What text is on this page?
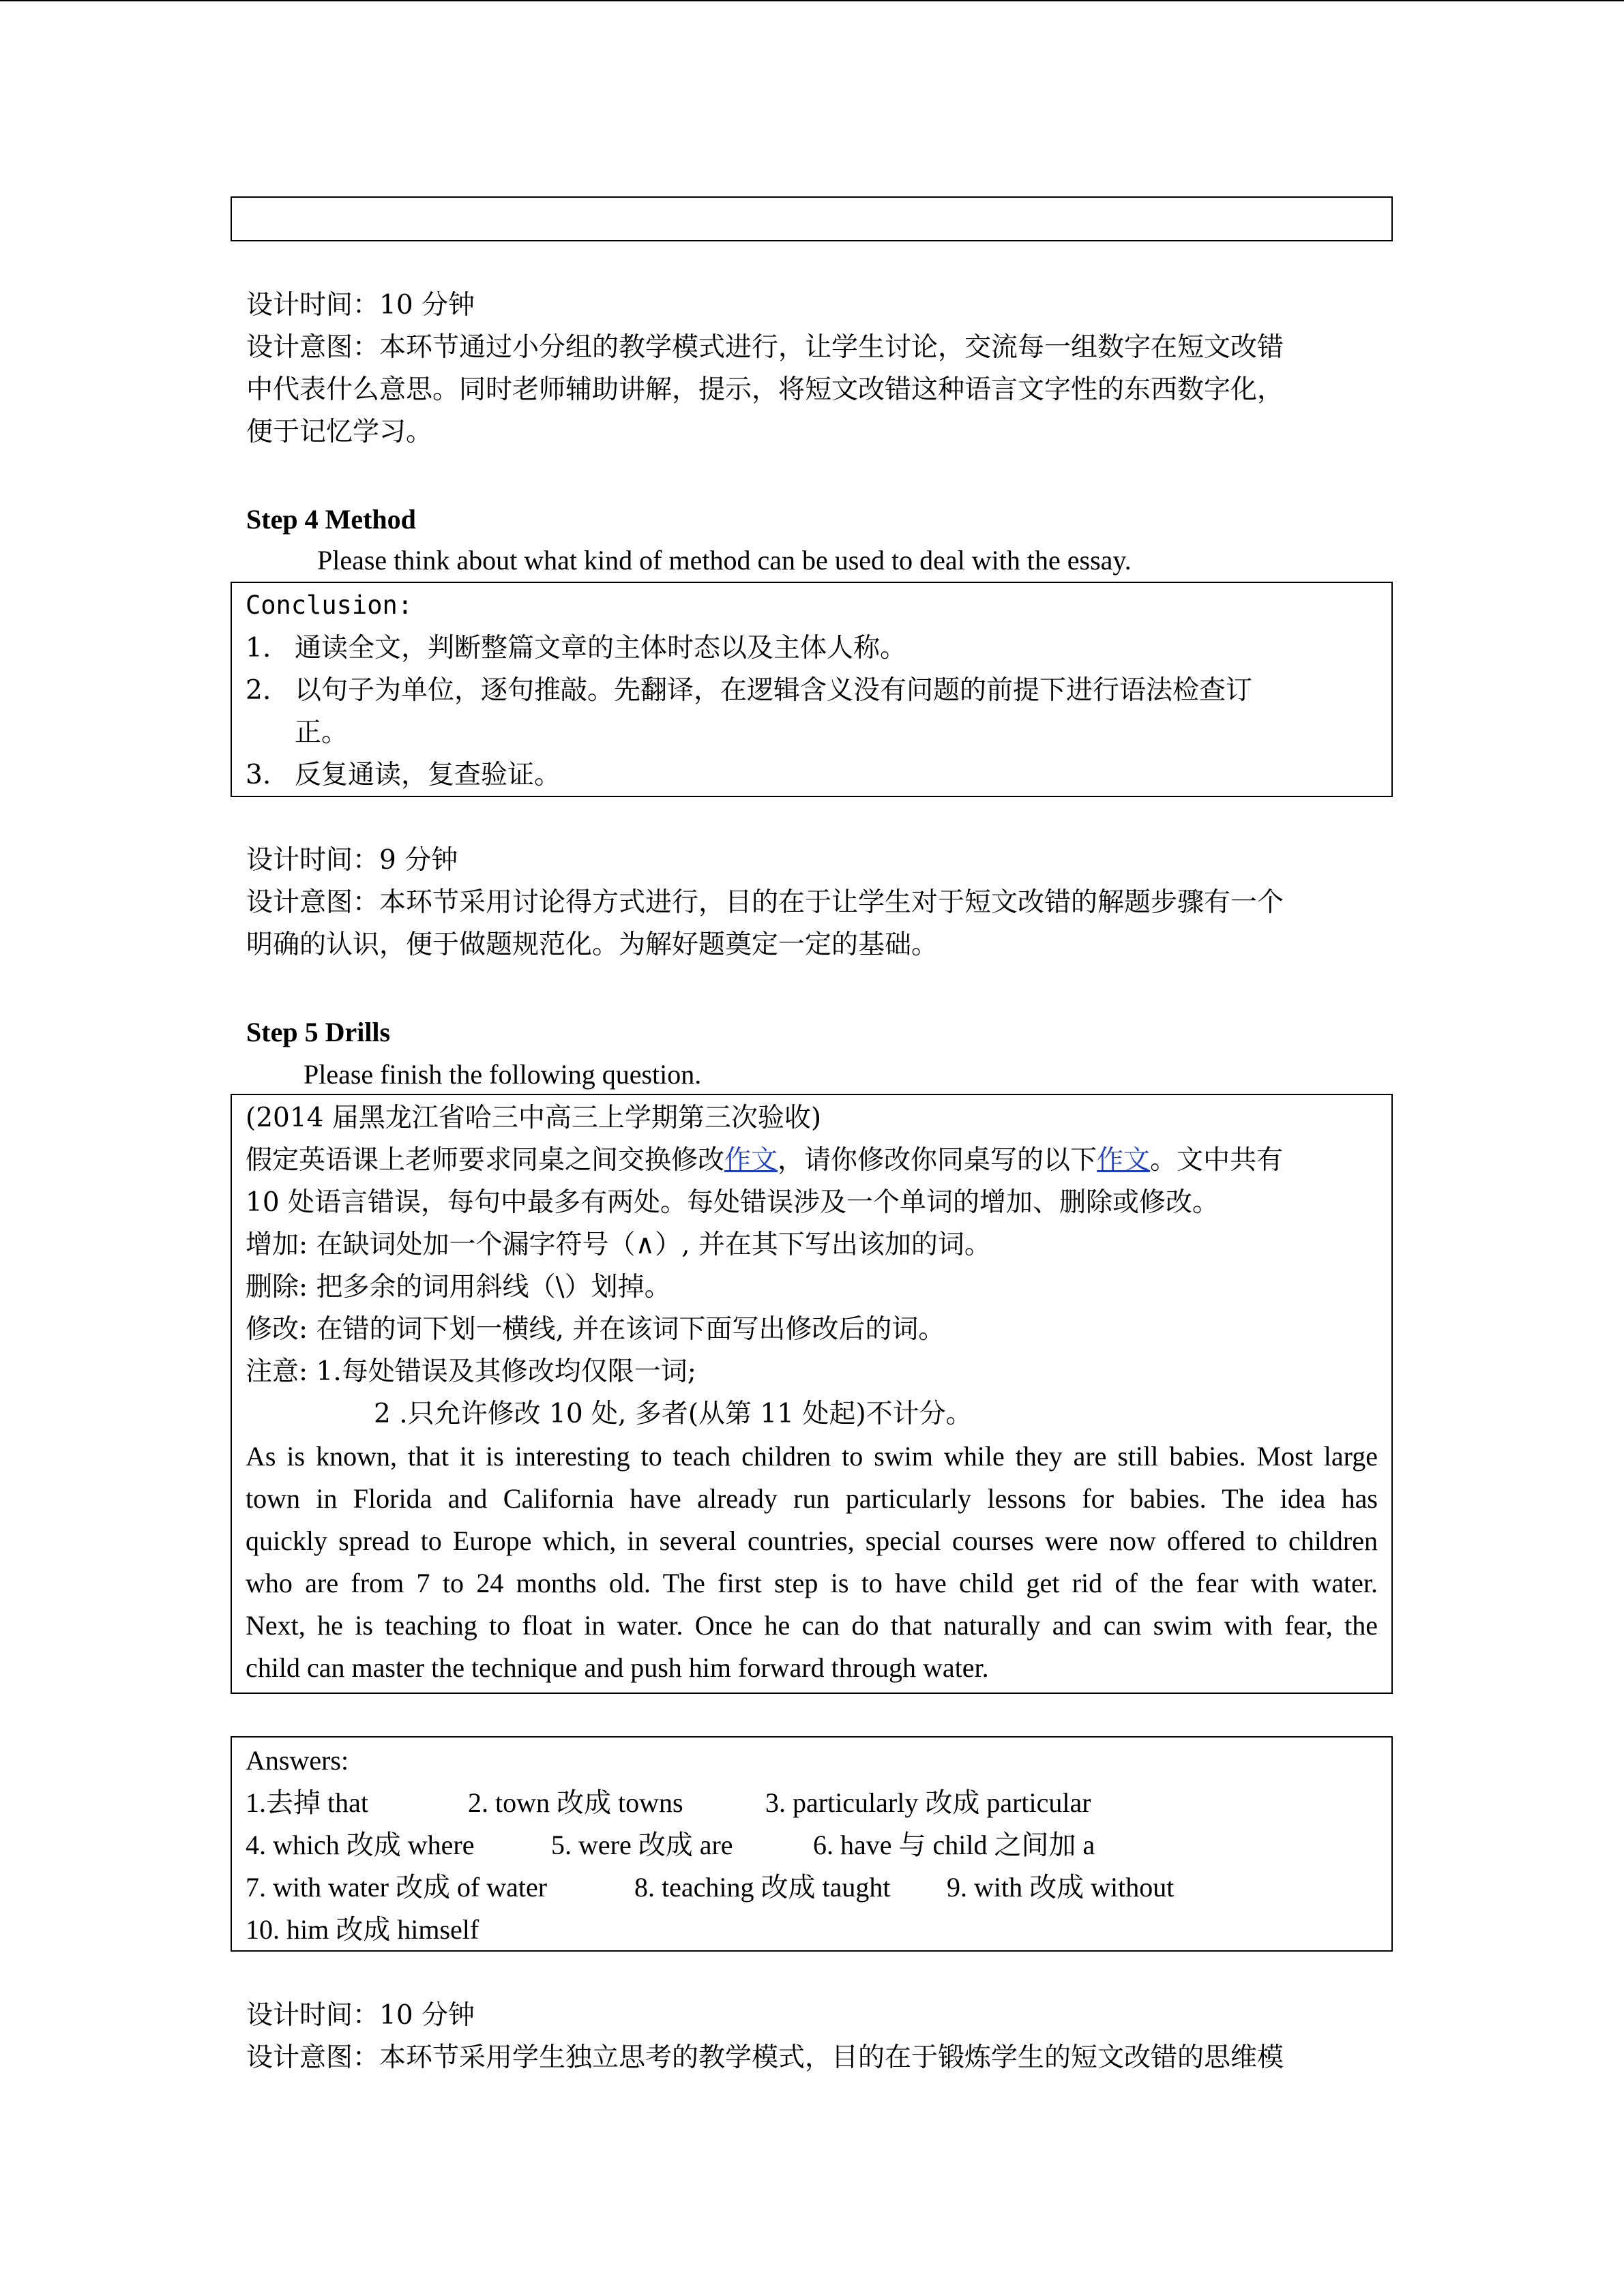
设计时间：10 分钟
设计意图：本环节通过小分组的教学模式进行，让学生讨论，交流每一组数字在短文改错
中代表什么意思。同时老师辅助讲解，提示，将短文改错这种语言文字性的东西数字化，
便于记忆学习。
Step 4 Method
Please think about what kind of method can be used to deal with the essay.
Conclusion:
1. 通读全文，判断整篇文章的主体时态以及主体人称。
2. 以句子为单位，逐句推敲。先翻译，在逻辑含义没有问题的前提下进行语法检查订
正。
3. 反复通读，复查验证。
设计时间：9 分钟
设计意图：本环节采用讨论得方式进行，目的在于让学生对于短文改错的解题步骤有一个
明确的认识，便于做题规范化。为解好题奠定一定的基础。
Step 5 Drills
Please finish the following question.
(2014 届黑龙江省哈三中高三上学期第三次验收)
假定英语课上老师要求同桌之间交换修改作文，请你修改你同桌写的以下作文。文中共有
10 处语言错误，每句中最多有两处。每处错误涉及一个单词的增加、删除或修改。
增加: 在缺词处加一个漏字符号（∧）, 并在其下写出该加的词。
删除: 把多余的词用斜线（\）划掉。
修改: 在错的词下划一横线, 并在该词下面写出修改后的词。
注意: 1.每处错误及其修改均仅限一词;
2 .只允许修改 10 处, 多者(从第 11 处起)不计分。
As is known, that it is interesting to teach children to swim while they are still babies. Most large
town in Florida and California have already run particularly lessons for babies. The idea has
quickly spread to Europe which, in several countries, special courses were now offered to children
who are from 7 to 24 months old. The first step is to have child get rid of the fear with water.
Next, he is teaching to float in water. Once he can do that naturally and can swim with fear, the
child can master the technique and push him forward through water.
Answers:
1.去掉 that	2. town 改成 towns	3. particularly 改成 particular
4. which 改成 where	5. were 改成 are	6. have 与 child 之间加 a
7. with water 改成 of water	8. teaching 改成 taught 9. with 改成 without
10. him 改成 himself
设计时间：10 分钟
设计意图：本环节采用学生独立思考的教学模式，目的在于锻炼学生的短文改错的思维模
